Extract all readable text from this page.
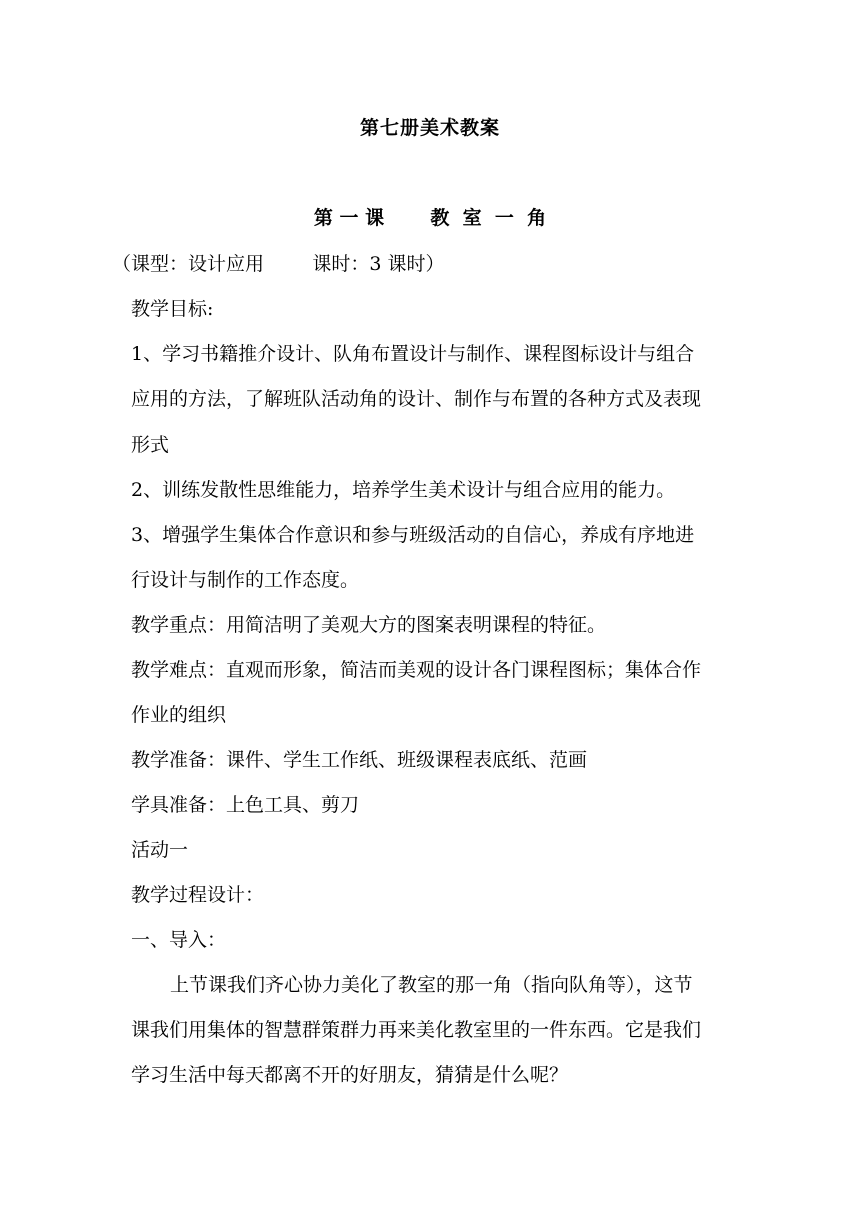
第七册美术教案
第 一 课       教  室  一  角
（课型：设计应用        课时：3 课时）
教学目标:
1、学习书籍推介设计、队角布置设计与制作、课程图标设计与组合
应用的方法，了解班队活动角的设计、制作与布置的各种方式及表现
形式
2、训练发散性思维能力，培养学生美术设计与组合应用的能力。
3、增强学生集体合作意识和参与班级活动的自信心，养成有序地进
行设计与制作的工作态度。
教学重点：用简洁明了美观大方的图案表明课程的特征。
教学难点：直观而形象，简洁而美观的设计各门课程图标；集体合作
作业的组织
教学准备：课件、学生工作纸、班级课程表底纸、范画
学具准备：上色工具、剪刀
活动一
教学过程设计：
一、导入：
上节课我们齐心协力美化了教室的那一角（指向队角等），这节
课我们用集体的智慧群策群力再来美化教室里的一件东西。它是我们
学习生活中每天都离不开的好朋友，猜猜是什么呢？
